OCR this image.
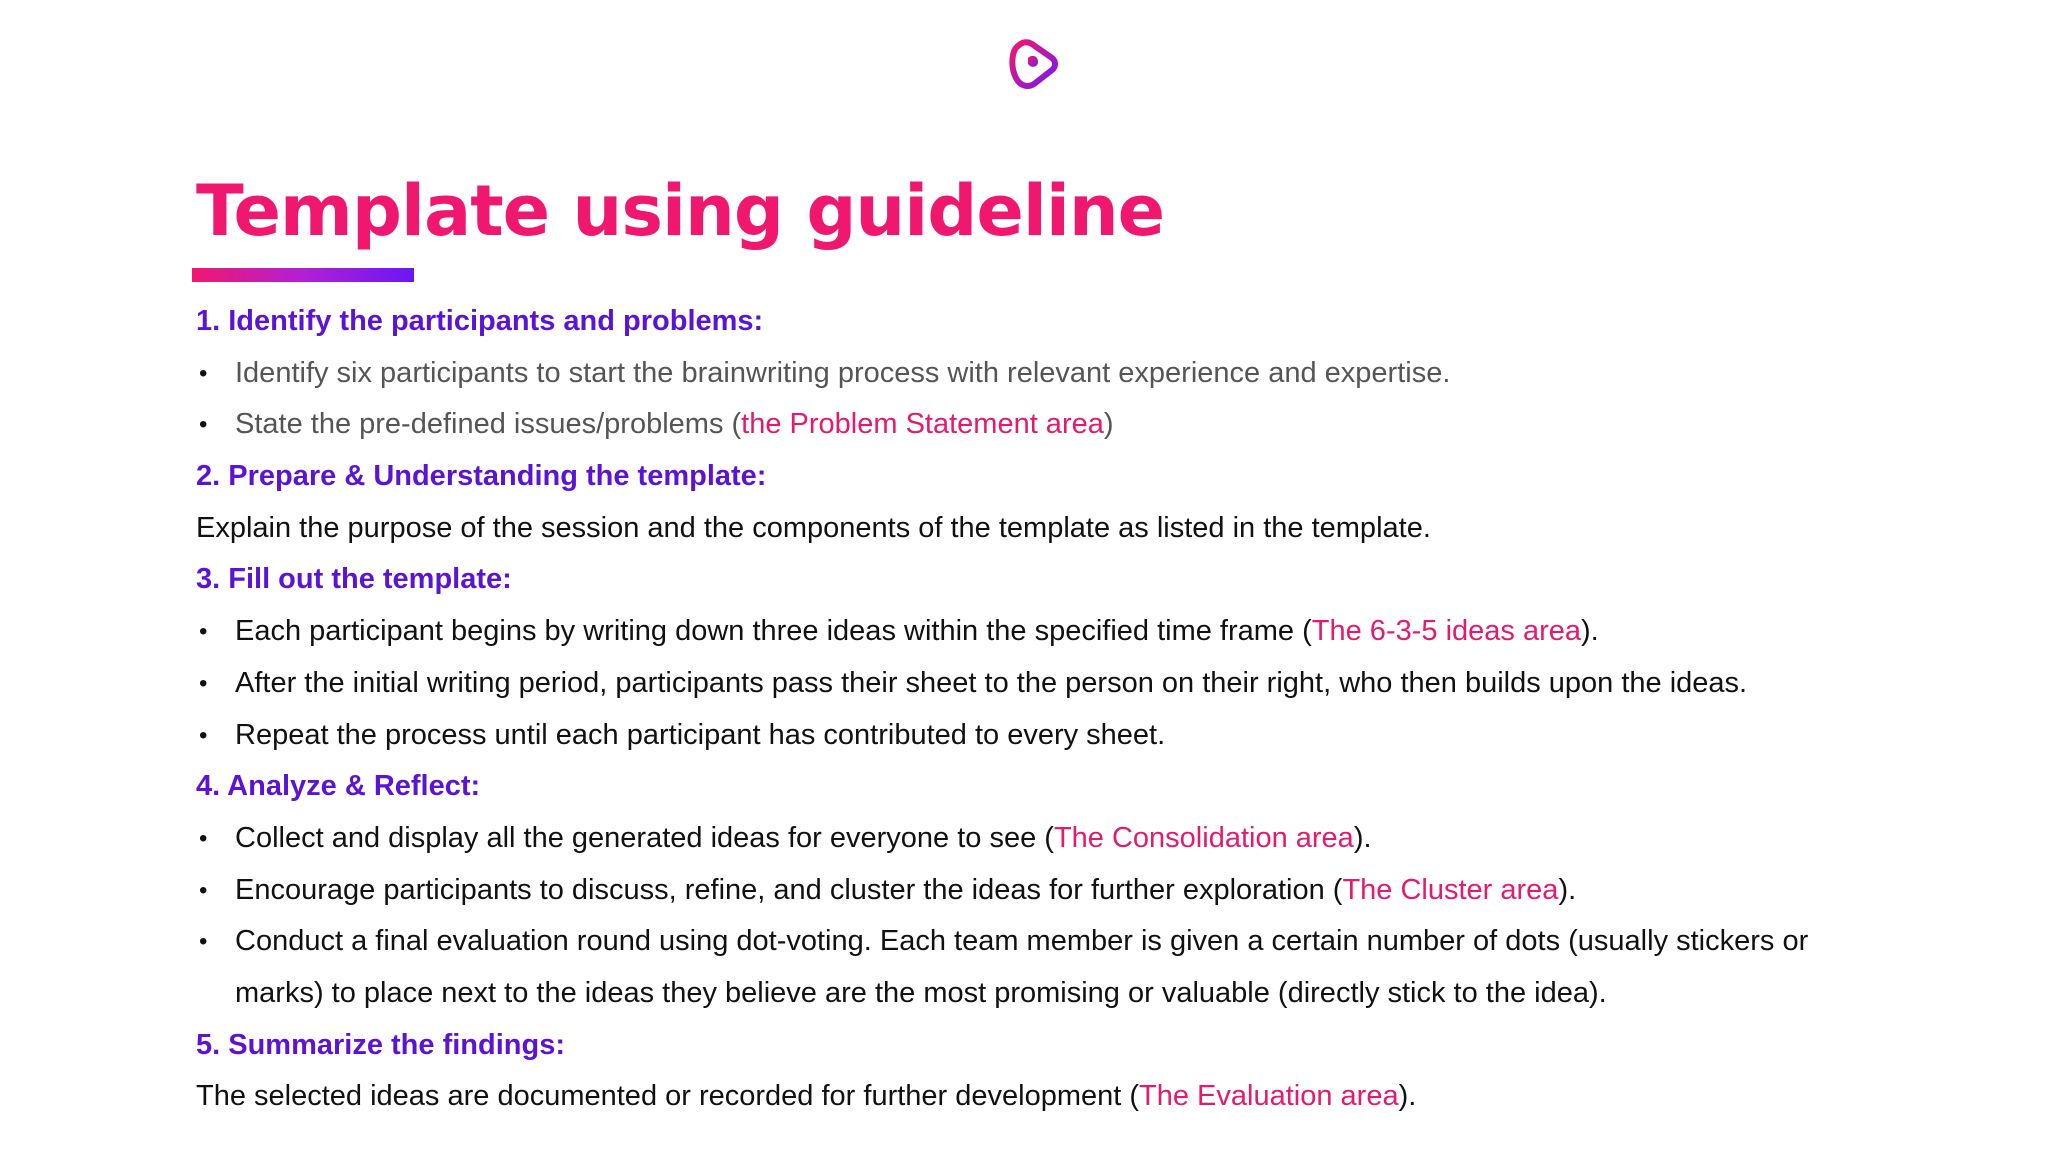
Template using guideline
1. Identify the participants and problems:
• Identify six participants to start the brainwriting process with relevant experience and expertise.
• State the pre-defined issues/problems (the Problem Statement area)
2. Prepare & Understanding the template:
Explain the purpose of the session and the components of the template as listed in the template.
3. Fill out the template:
• Each participant begins by writing down three ideas within the specified time frame (The 6-3-5 ideas area).
• After the initial writing period, participants pass their sheet to the person on their right, who then builds upon the ideas.
• Repeat the process until each participant has contributed to every sheet.
4. Analyze & Reflect:
• Collect and display all the generated ideas for everyone to see (The Consolidation area).
• Encourage participants to discuss, refine, and cluster the ideas for further exploration (The Cluster area).
• Conduct a final evaluation round using dot-voting. Each team member is given a certain number of dots (usually stickers or
marks) to place next to the ideas they believe are the most promising or valuable (directly stick to the idea).
5. Summarize the findings:
The selected ideas are documented or recorded for further development (The Evaluation area).
